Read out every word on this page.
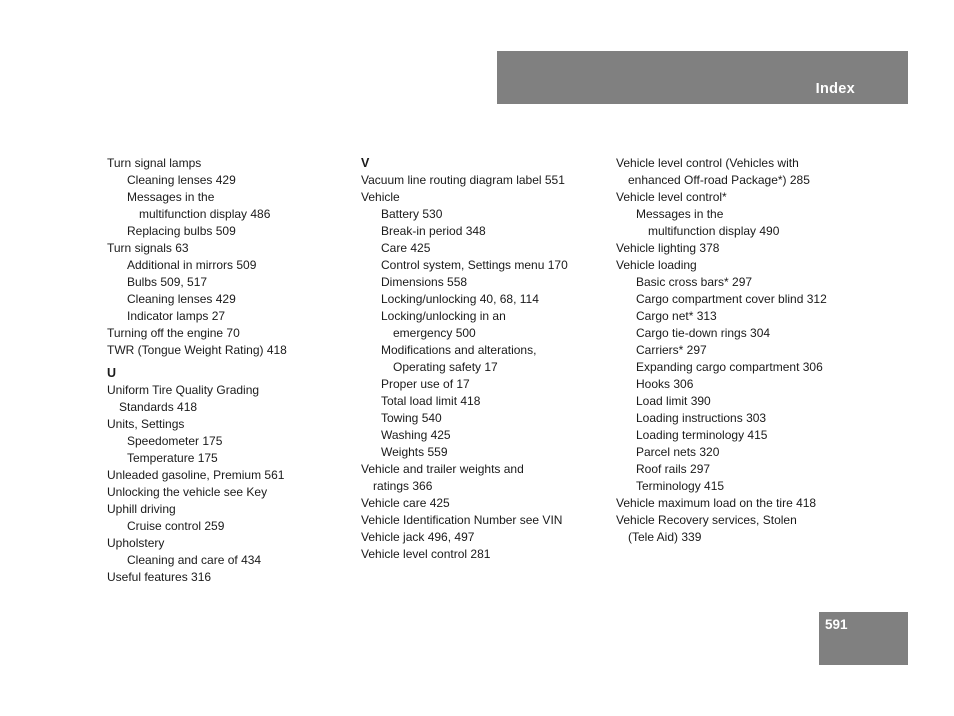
Index
Turn signal lamps
Cleaning lenses 429
Messages in the
multifunction display 486
Replacing bulbs 509
Turn signals 63
Additional in mirrors 509
Bulbs 509, 517
Cleaning lenses 429
Indicator lamps 27
Turning off the engine 70
TWR (Tongue Weight Rating) 418
U
Uniform Tire Quality Grading
Standards 418
Units, Settings
Speedometer 175
Temperature 175
Unleaded gasoline, Premium 561
Unlocking the vehicle see Key
Uphill driving
Cruise control 259
Upholstery
Cleaning and care of 434
Useful features 316
V
Vacuum line routing diagram label 551
Vehicle
Battery 530
Break-in period 348
Care 425
Control system, Settings menu 170
Dimensions 558
Locking/unlocking 40, 68, 114
Locking/unlocking in an
emergency 500
Modifications and alterations,
Operating safety 17
Proper use of 17
Total load limit 418
Towing 540
Washing 425
Weights 559
Vehicle and trailer weights and
ratings 366
Vehicle care 425
Vehicle Identification Number see VIN
Vehicle jack 496, 497
Vehicle level control 281
Vehicle level control (Vehicles with
enhanced Off-road Package*) 285
Vehicle level control*
Messages in the
multifunction display 490
Vehicle lighting 378
Vehicle loading
Basic cross bars* 297
Cargo compartment cover blind 312
Cargo net* 313
Cargo tie-down rings 304
Carriers* 297
Expanding cargo compartment 306
Hooks 306
Load limit 390
Loading instructions 303
Loading terminology 415
Parcel nets 320
Roof rails 297
Terminology 415
Vehicle maximum load on the tire 418
Vehicle Recovery services, Stolen
(Tele Aid) 339
591
